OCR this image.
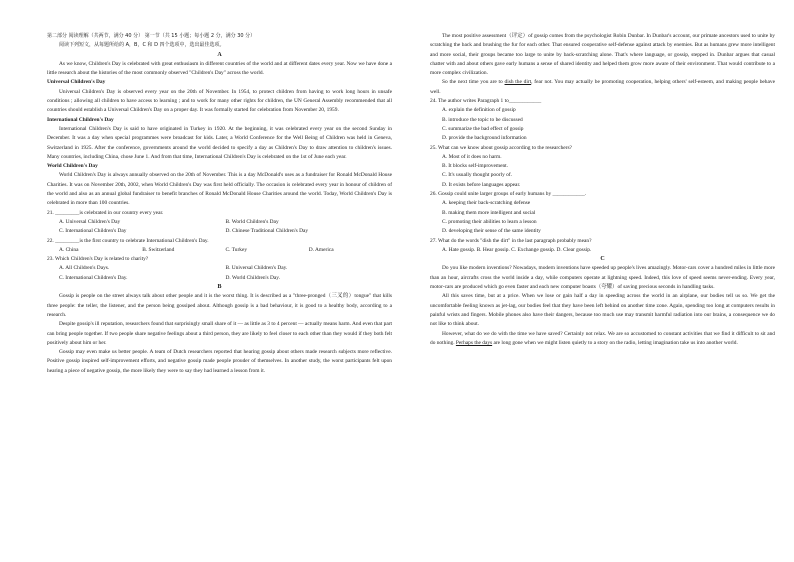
第二部分 阅读理解（共两节，满分 40 分） 第一节（共 15 小题；每小题 2 分，满分 30 分）

阅读下列短文，从每题所给的 A，B，C 和 D 四个选项中，选出最佳选项。

A

As we know, Children's Day is celebrated with great enthusiasm in different countries of the world and at different dates every year. Now we have done a little research about the histories of the most commonly observed "Children's Day" across the world.

Universal Children's Day

Universal Children's Day is observed every year on the 20th of November. In 1954, to protect children from having to work long hours in unsafe conditions ; allowing all children to have access to learning ; and to work for many other rights for children, the UN General Assembly recommended that all countries should establish a Universal Children's Day on a proper day. It was formally started for celebration from November 20, 1959.

International Children's Day

International Children's Day is said to have originated in Turkey in 1920. At the beginning, it was celebrated every year on the second Sunday in December. It was a day when special programmes were broadcast for kids. Later, a World Conference for the Well Being of Children was held in Geneva, Switzerland in 1925. After the conference, governments around the world decided to specify a day as Children's Day to draw attention to children's issues. Many countries, including China, chose June 1. And from that time, International Children's Day is celebrated on the 1st of June each year.

World Children's Day

World Children's Day is always annually observed on the 20th of November. This is a day McDonald's uses as a fundraiser for Ronald McDonald House Charities. It was on November 20th, 2002, when World Children's Day was first held officially. The occasion is celebrated every year in honour of children of the world and also as an annual global fundraiser to benefit branches of Ronald McDonald House Charities around the world. Today, World Children's Day is celebrated in more than 100 countries.

21. _________is celebrated in our country every year.

A. Universal Children's Day	B. World Children's Day
C. International Children's Day	D. Chinese Traditional Children's Day

22. _________is the first country to celebrate International Children's Day.

A. China	B. Switzerland	C. Turkey	D. America

23. Which Children's Day is related to charity?

A. All Children's Days.	B. Universal Children's Day.
C. International Children's Day.	D. World Children's Day.

B

Gossip is people on the street always talk about other people and it is the worst thing. It is described as a "three-pronged（三叉的）tongue" that kills three people: the teller, the listener, and the person being gossiped about. Although gossip is a bad behaviour, it is good to a healthy body, according to a research.

Despite gossip's ill reputation, researchers found that surprisingly small share of it — as little as 3 to 4 percent — actually means harm. And even that part can bring people together. If two people share negative feelings about a third person, they are likely to feel closer to each other than they would if they both felt positively about him or her.

Gossip may even make us better people. A team of Dutch researchers reported that hearing gossip about others made research subjects more reflective. Positive gossip inspired self-improvement efforts, and negative gossip made people prouder of themselves. In another study, the worst participants felt upon hearing a piece of negative gossip, the more likely they were to say they had learned a lesson from it.

The most positive assessment（评定）of gossip comes from the psychologist Robin Dunbar. In Dunbar's account, our primate ancestors used to unite by scratching the back and brushing the fur for each other. That ensured cooperative self-defense against attack by enemies. But as humans grew more intelligent and more social, their groups became too large to unite by back-scratching alone. That's where language, or gossip, stepped in. Dunbar argues that casual chatter with and about others gave early humans a sense of shared identity and helped them grow more aware of their environment. That would contribute to a more complex civilization.

So the next time you are to dish the dirt, fear not. You may actually be promoting cooperation, helping others' self-esteem, and making people behave well.

24. The author writes Paragraph 1 to____________

A. explain the definition of gossip

B. introduce the topic to be discussed

C. summarize the bad effect of gossip

D. provide the background information

25. What can we know about gossip according to the researchers?

A. Most of it does no harm.

B. It blocks self-improvement.

C. It's usually thought poorly of.

D. It exists before languages appear.

26. Gossip could unite larger groups of early humans by ____________.

A. keeping their back-scratching defense

B. making them more intelligent and social

C. promoting their abilities to learn a lesson

D. developing their sense of the same identity

27. What do the words "dish the dirt" in the last paragraph probably mean?

A. Hate gossip. B. Hear gossip. C. Exchange gossip. D. Clear gossip.

C

Do you like modern inventions? Nowadays, modern inventions have speeded up people's lives amazingly. Motor-cars cover a hundred miles in little more than an hour, aircrafts cross the world inside a day, while computers operate at lightning speed. Indeed, this love of speed seems never-ending. Every year, motor-cars are produced which go even faster and each new computer boasts（夸耀）of saving precious seconds in handling tasks.

All this saves time, but at a price. When we lose or gain half a day in speeding across the world in an airplane, our bodies tell us so. We get the uncomfortable feeling known as jet-lag, our bodies feel that they have been left behind on another time zone. Again, spending too long at computers results in painful wrists and fingers. Mobile phones also have their dangers, because too much use may transmit harmful radiation into our brains, a consequence we do not like to think about.

However, what do we do with the time we have saved? Certainly not relax. We are so accustomed to constant activities that we find it difficult to sit and do nothing. Perhaps the days are long gone when we might listen quietly to a story on the radio, letting imagination take us into another world.
